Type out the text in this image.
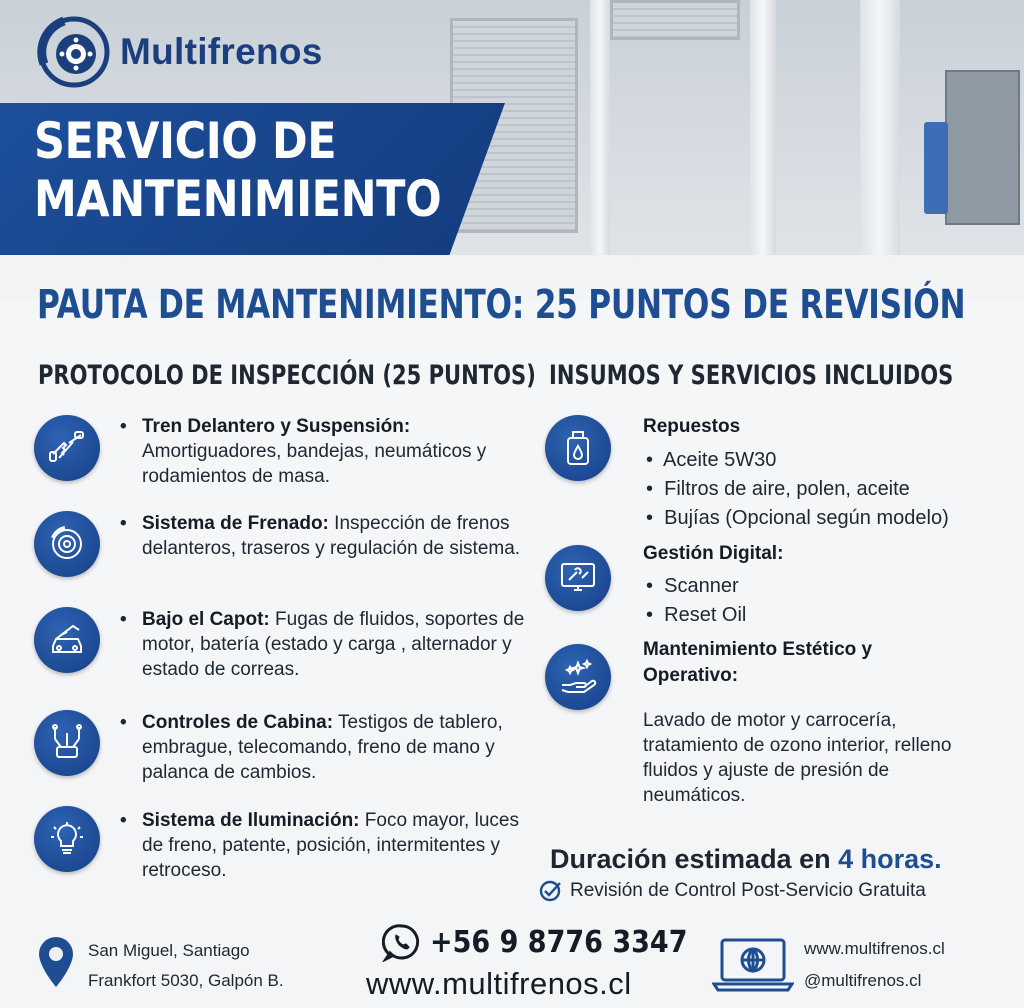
Multifrenos
SERVICIO DE
MANTENIMIENTO
PAUTA DE MANTENIMIENTO: 25 PUNTOS DE REVISIÓN
PROTOCOLO DE INSPECCIÓN (25 PUNTOS) INSUMOS Y SERVICIOS INCLUIDOS
• Tren Delantero y Suspensión:
Amortiguadores, bandejas, neumáticos y rodamientos de masa.
• Sistema de Frenado: Inspección de frenos delanteros, traseros y regulación de sistema.
• Bajo el Capot: Fugas de fluidos, soportes de motor, batería (estado y carga , alternador y estado de correas.
• Controles de Cabina: Testigos de tablero, embrague, telecomando, freno de mano y palanca de cambios.
• Sistema de Iluminación: Foco mayor, luces de freno, patente, posición, intermitentes y retroceso.
Repuestos
•  Aceite 5W30
•  Filtros de aire, polen, aceite
•  Bujías (Opcional según modelo)
Gestión Digital:
•  Scanner
•  Reset Oil
Mantenimiento Estético y
Operativo:
Lavado de motor y carrocería, tratamiento de ozono interior, relleno fluidos y ajuste de presión de neumáticos.
Duración estimada en 4 horas.
Revisión de Control Post-Servicio Gratuita
San Miguel, Santiago
Frankfort 5030, Galpón B.
+56 9 8776 3347
www.multifrenos.cl
www.multifrenos.cl
@multifrenos.cl
